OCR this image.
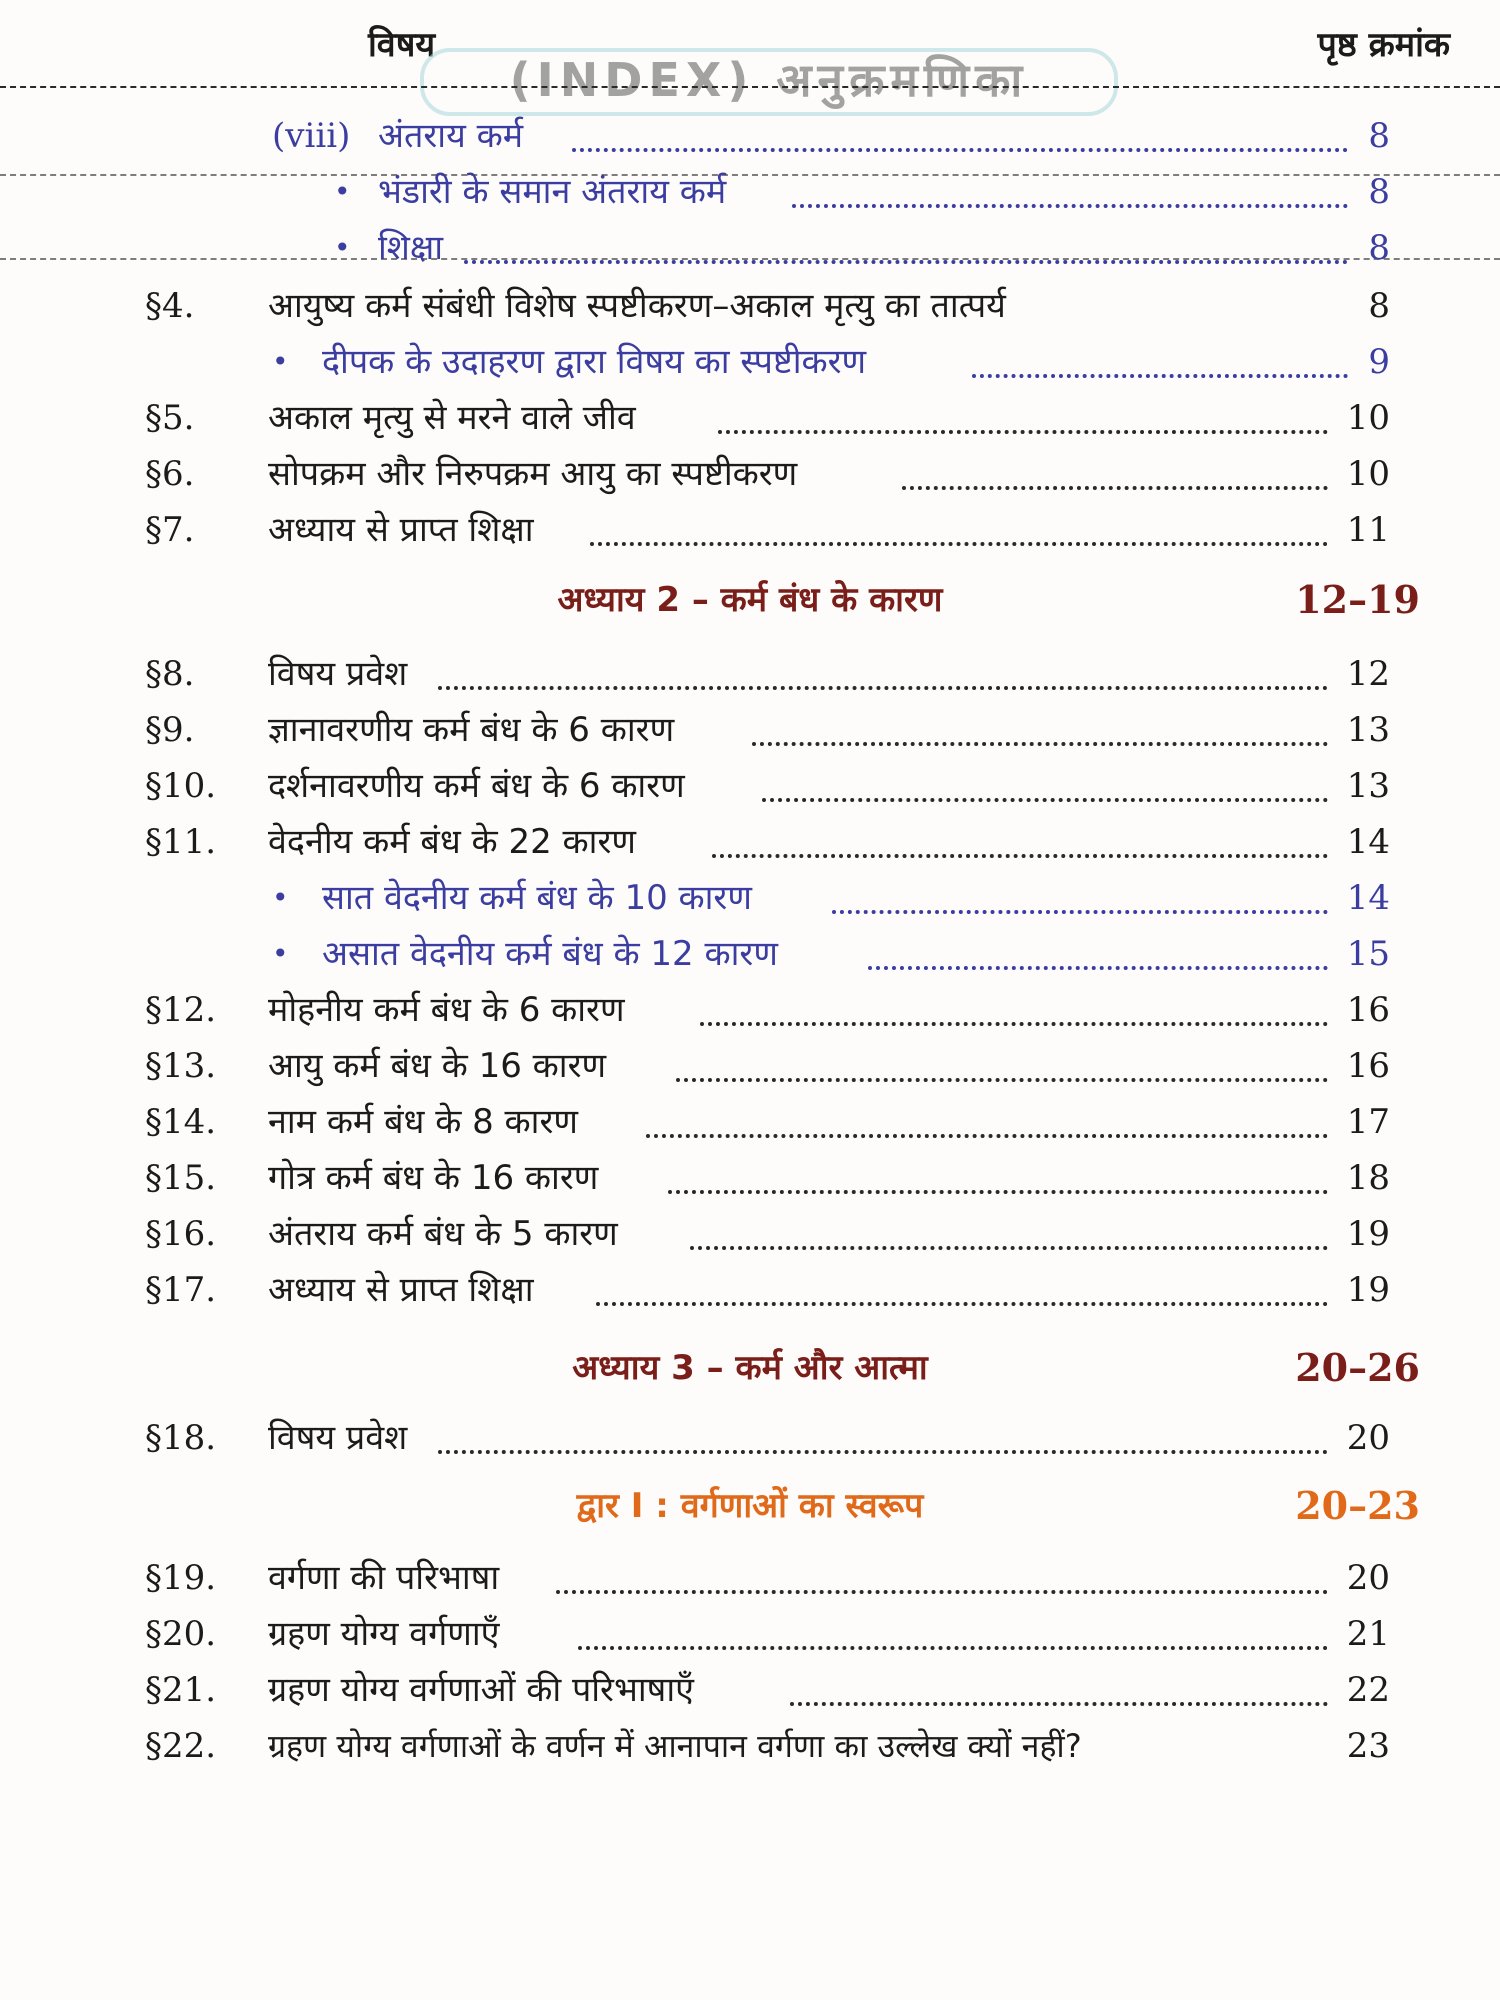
विषय	पृष्ठ क्रमांक
(INDEX) अनुक्रमणिका
(viii) अंतराय कर्म	8
• भंडारी के समान अंतराय कर्म	8
• शिक्षा	8
§4. आयुष्य कर्म संबंधी विशेष स्पष्टीकरण–अकाल मृत्यु का तात्पर्य	8
• दीपक के उदाहरण द्वारा विषय का स्पष्टीकरण	9
§5. अकाल मृत्यु से मरने वाले जीव	10
§6. सोपक्रम और निरुपक्रम आयु का स्पष्टीकरण	10
§7. अध्याय से प्राप्त शिक्षा	11
अध्याय 2 – कर्म बंध के कारण	12–19
§8. विषय प्रवेश	12
§9. ज्ञानावरणीय कर्म बंध के 6 कारण	13
§10. दर्शनावरणीय कर्म बंध के 6 कारण	13
§11. वेदनीय कर्म बंध के 22 कारण	14
• सात वेदनीय कर्म बंध के 10 कारण	14
• असात वेदनीय कर्म बंध के 12 कारण	15
§12. मोहनीय कर्म बंध के 6 कारण	16
§13. आयु कर्म बंध के 16 कारण	16
§14. नाम कर्म बंध के 8 कारण	17
§15. गोत्र कर्म बंध के 16 कारण	18
§16. अंतराय कर्म बंध के 5 कारण	19
§17. अध्याय से प्राप्त शिक्षा	19
अध्याय 3 – कर्म और आत्मा	20–26
§18. विषय प्रवेश	20
द्वार I : वर्गणाओं का स्वरूप	20–23
§19. वर्गणा की परिभाषा	20
§20. ग्रहण योग्य वर्गणाएँ	21
§21. ग्रहण योग्य वर्गणाओं की परिभाषाएँ	22
§22. ग्रहण योग्य वर्गणाओं के वर्णन में आनापान वर्गणा का उल्लेख क्यों नहीं?	23
